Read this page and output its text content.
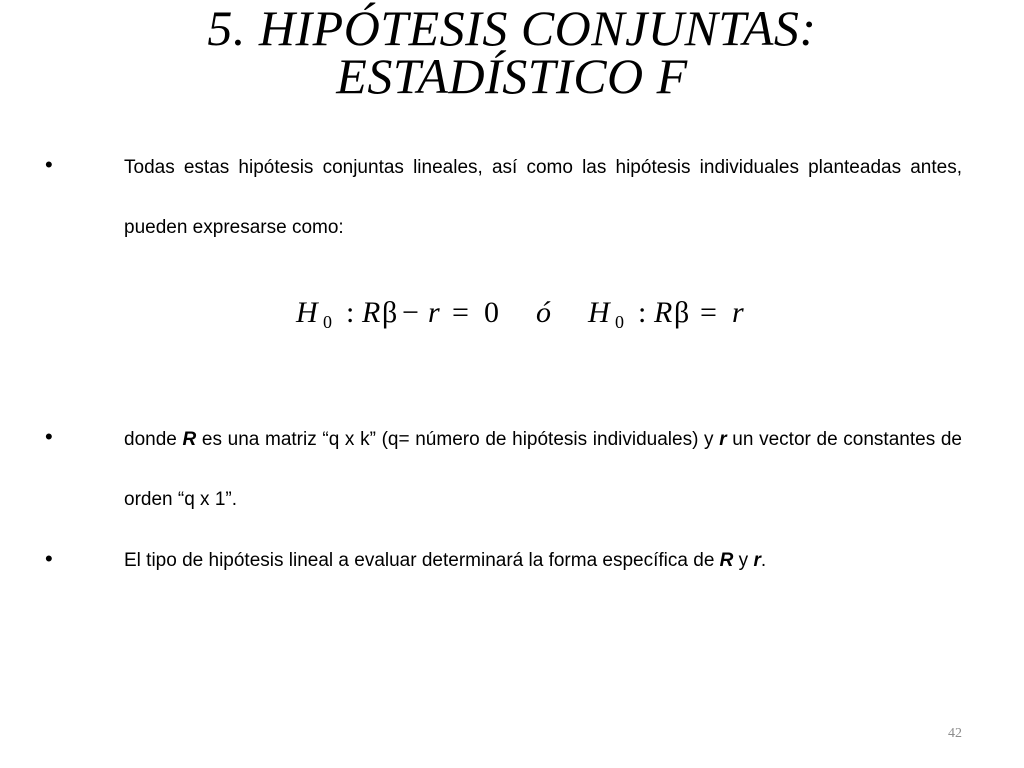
5. HIPÓTESIS CONJUNTAS:
ESTADÍSTICO F
•	Todas estas hipótesis conjuntas lineales, así como las hipótesis individuales planteadas antes, pueden expresarse como:

H 0 : R β − r = 0 ó H 0 : R β = r
•	donde R es una matriz “q x k” (q= número de hipótesis individuales) y r un vector de constantes de orden “q x 1”.

•	El tipo de hipótesis lineal a evaluar determinará la forma específica de R y r.

42
